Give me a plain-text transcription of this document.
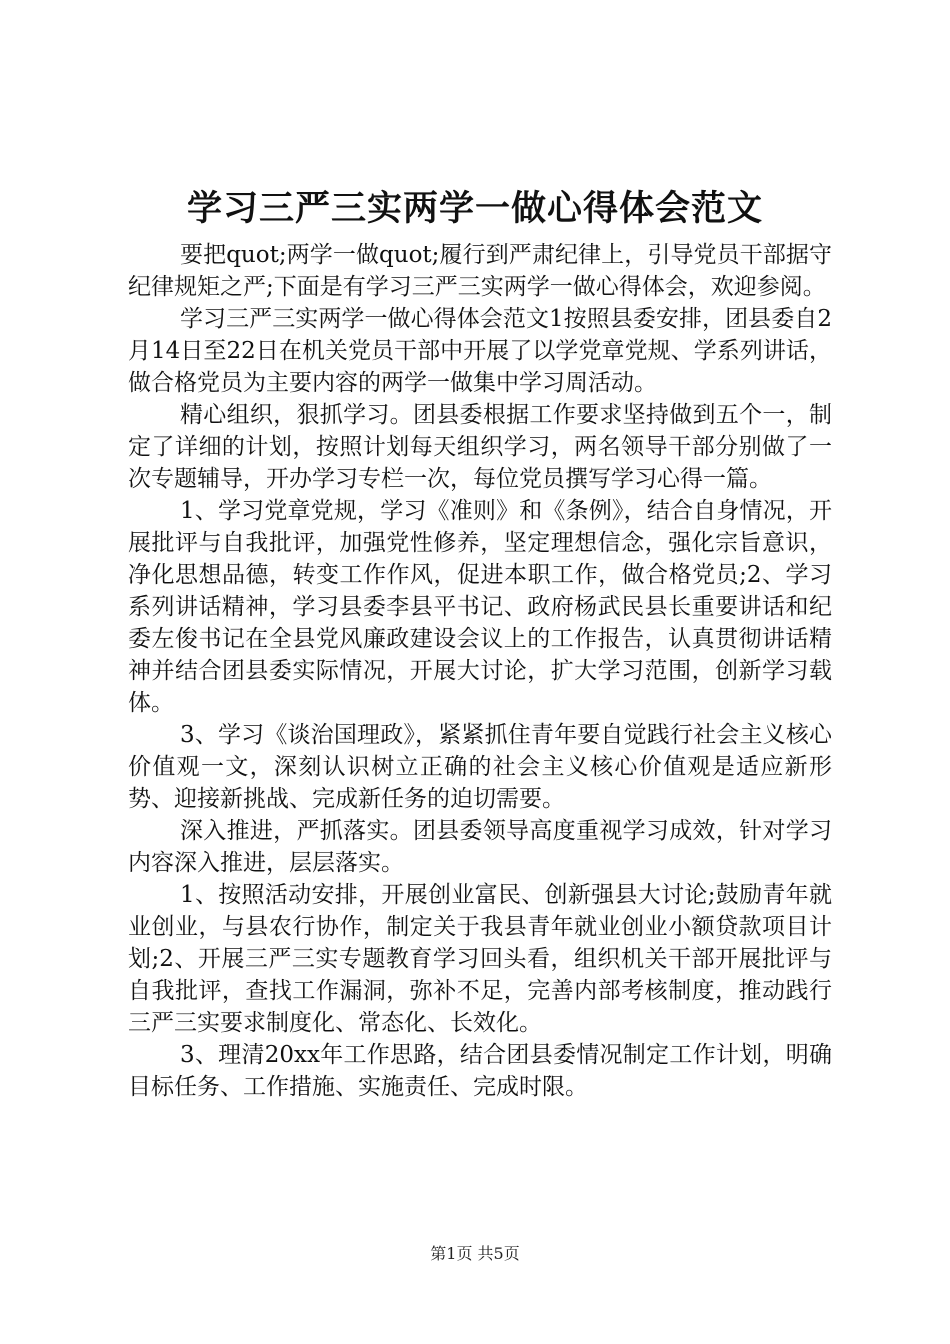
学习三严三实两学一做心得体会范文

要把quot;两学一做quot;履行到严肃纪律上，引导党员干部据守纪律规矩之严;下面是有学习三严三实两学一做心得体会，欢迎参阅。

学习三严三实两学一做心得体会范文1按照县委安排，团县委自2月14日至22日在机关党员干部中开展了以学党章党规、学系列讲话，做合格党员为主要内容的两学一做集中学习周活动。

精心组织，狠抓学习。团县委根据工作要求坚持做到五个一，制定了详细的计划，按照计划每天组织学习，两名领导干部分别做了一次专题辅导，开办学习专栏一次，每位党员撰写学习心得一篇。

1、学习党章党规，学习《准则》和《条例》，结合自身情况，开展批评与自我批评，加强党性修养，坚定理想信念，强化宗旨意识，净化思想品德，转变工作作风，促进本职工作，做合格党员;2、学习系列讲话精神，学习县委李县平书记、政府杨武民县长重要讲话和纪委左俊书记在全县党风廉政建设会议上的工作报告，认真贯彻讲话精神并结合团县委实际情况，开展大讨论，扩大学习范围，创新学习载体。

3、学习《谈治国理政》，紧紧抓住青年要自觉践行社会主义核心价值观一文，深刻认识树立正确的社会主义核心价值观是适应新形势、迎接新挑战、完成新任务的迫切需要。

深入推进，严抓落实。团县委领导高度重视学习成效，针对学习内容深入推进，层层落实。

1、按照活动安排，开展创业富民、创新强县大讨论;鼓励青年就业创业，与县农行协作，制定关于我县青年就业创业小额贷款项目计划;2、开展三严三实专题教育学习回头看，组织机关干部开展批评与自我批评，查找工作漏洞，弥补不足，完善内部考核制度，推动践行三严三实要求制度化、常态化、长效化。

3、理清20xx年工作思路，结合团县委情况制定工作计划，明确目标任务、工作措施、实施责任、完成时限。

第1页 共5页
